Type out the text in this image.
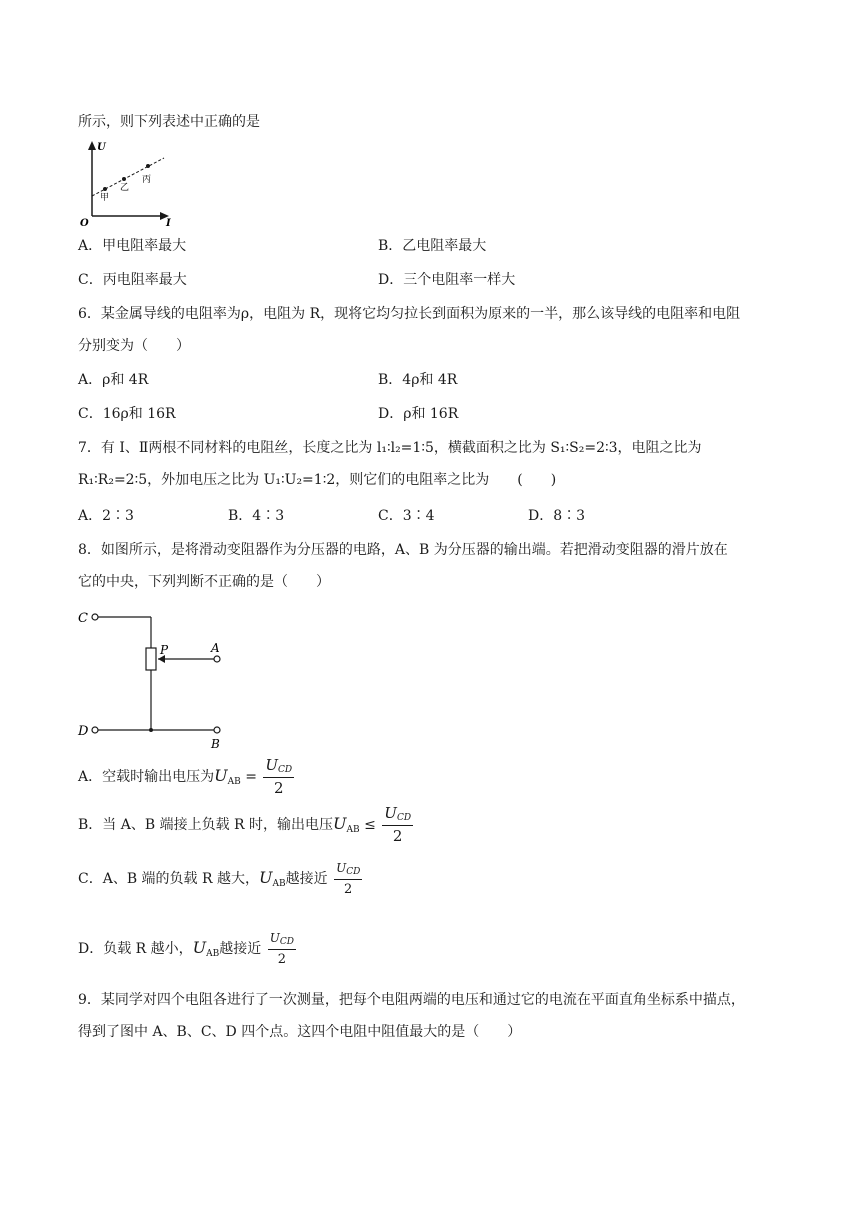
所示，则下列表述中正确的是
U
I
O
甲
乙
丙
A．甲电阻率最大	B．乙电阻率最大
C．丙电阻率最大	D．三个电阻率一样大
6．某金属导线的电阻率为ρ，电阻为 R，现将它均匀拉长到面积为原来的一半，那么该导线的电阻率和电阻
分别变为（　　）
A．ρ和 4R	B．4ρ和 4R
C．16ρ和 16R	D．ρ和 16R
7．有 Ⅰ、Ⅱ两根不同材料的电阻丝，长度之比为 l₁∶l₂=1∶5，横截面积之比为 S₁∶S₂=2∶3，电阻之比为
R₁∶R₂=2∶5，外加电压之比为 U₁∶U₂=1∶2，则它们的电阻率之比为　　(　　)
A．2∶3	B．4∶3	C．3∶4	D．8∶3
8．如图所示，是将滑动变阻器作为分压器的电路，A、B 为分压器的输出端。若把滑动变阻器的滑片放在
它的中央，下列判断不正确的是（　　）
C
P	A
D
B
A．空载时输出电压为$U_{AB} = \frac{U_{CD}}{2}$
B．当 A、B 端接上负载 R 时，输出电压$U_{AB} \le \frac{U_{CD}}{2}$
C．A、B 端的负载 R 越大，$U_{AB}$越接近 $\frac{U_{CD}}{2}$
D．负载 R 越小，$U_{AB}$越接近 $\frac{U_{CD}}{2}$
9．某同学对四个电阻各进行了一次测量，把每个电阻两端的电压和通过它的电流在平面直角坐标系中描点，
得到了图中 A、B、C、D 四个点。这四个电阻中阻值最大的是（　　）
